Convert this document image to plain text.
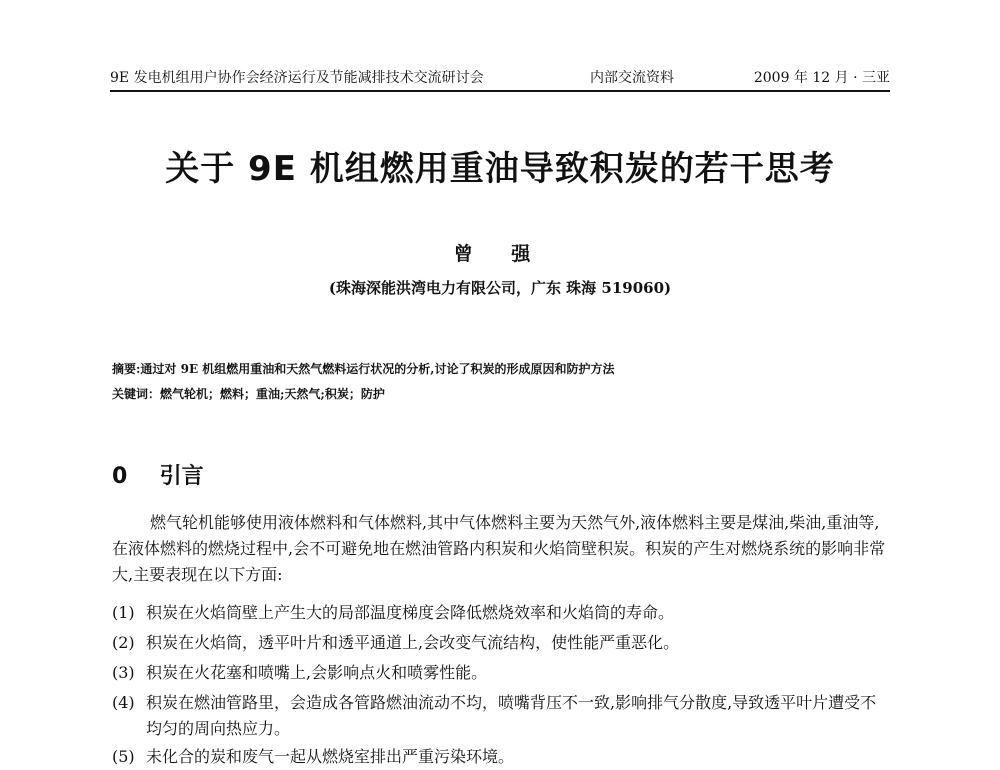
9E 发电机组用户协作会经济运行及节能减排技术交流研讨会	内部交流资料	2009 年 12 月 · 三亚
关于 9E 机组燃用重油导致积炭的若干思考
曾 强
(珠海深能洪湾电力有限公司，广东 珠海 519060)
摘要:通过对 9E 机组燃用重油和天然气燃料运行状况的分析,讨论了积炭的形成原因和防护方法
关键词：燃气轮机；燃料；重油;天然气;积炭；防护
0 引言

燃气轮机能够使用液体燃料和气体燃料,其中气体燃料主要为天然气外,液体燃料主要是煤油,柴油,重油等,在液体燃料的燃烧过程中,会不可避免地在燃油管路内积炭和火焰筒壁积炭。积炭的产生对燃烧系统的影响非常大,主要表现在以下方面:

(1) 积炭在火焰筒壁上产生大的局部温度梯度会降低燃烧效率和火焰筒的寿命。
(2) 积炭在火焰筒，透平叶片和透平通道上,会改变气流结构，使性能严重恶化。
(3) 积炭在火花塞和喷嘴上,会影响点火和喷雾性能。
(4) 积炭在燃油管路里，会造成各管路燃油流动不均，喷嘴背压不一致,影响排气分散度,导致透平叶片遭受不均匀的周向热应力。
(5) 未化合的炭和废气一起从燃烧室排出严重污染环境。
